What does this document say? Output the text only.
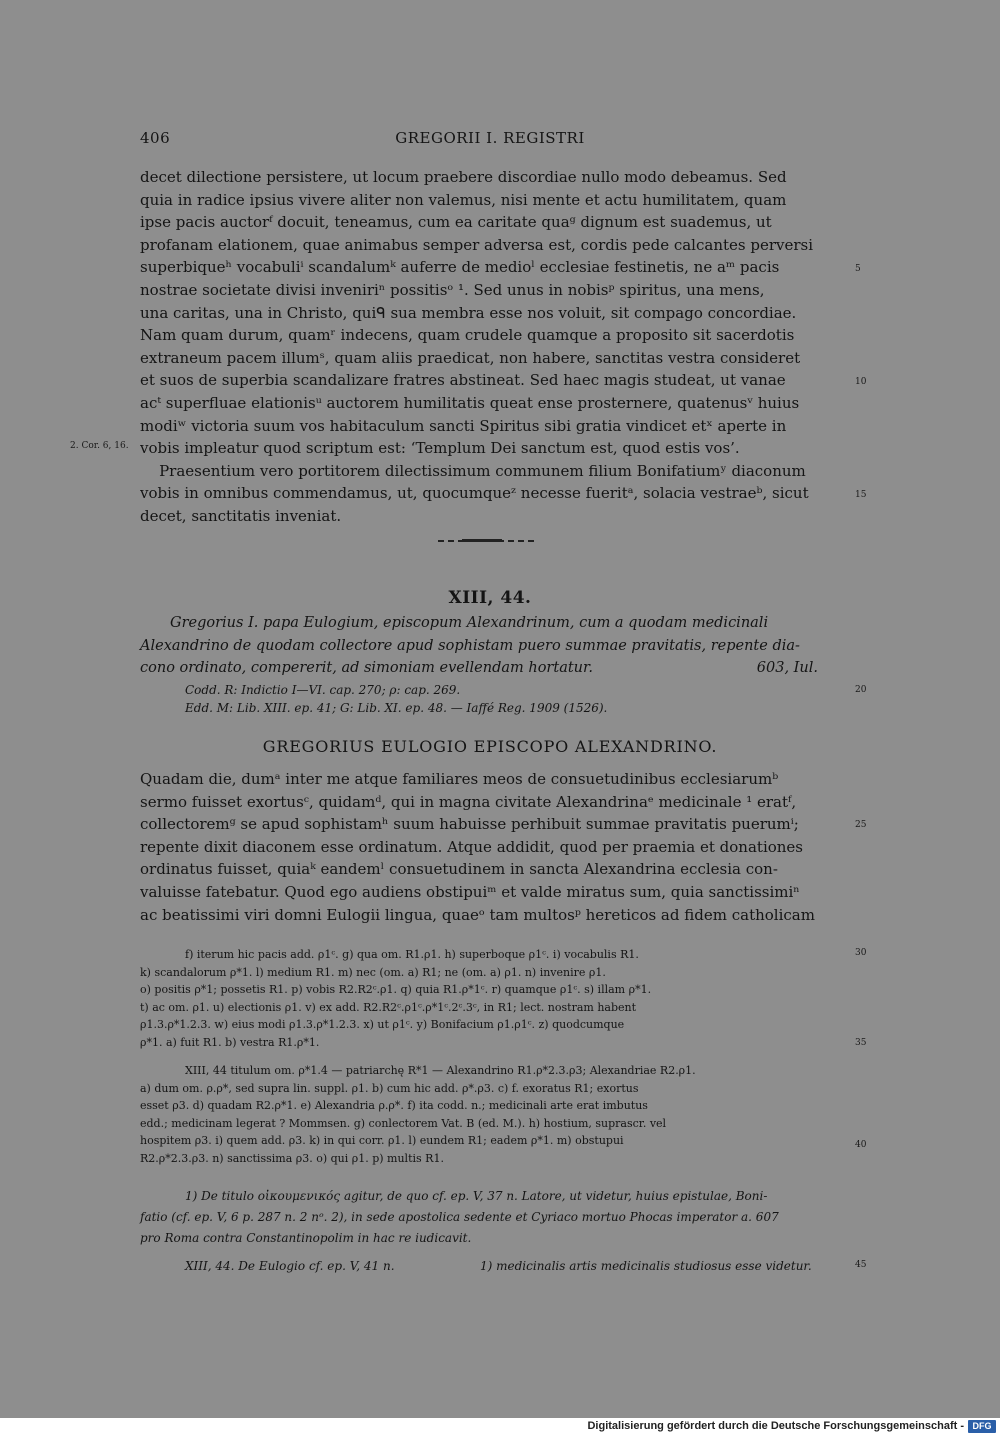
406	GREGORII I. REGISTRI
decet dilectione persistere, ut locum praebere discordiae nullo modo debeamus. Sed
quia in radice ipsius vivere aliter non valemus, nisi mente et actu humilitatem, quam
ipse pacis auctorᶠ docuit, teneamus, cum ea caritate quaᵍ dignum est suademus, ut
profanam elationem, quae animabus semper adversa est, cordis pede calcantes perversi
superbiqueʰ vocabuliⁱ scandalumᵏ auferre de medioˡ ecclesiae festinetis, ne aᵐ pacis
nostrae societate divisi inveniriⁿ possitisᵒ ¹. Sed unus in nobisᵖ spiritus, una mens,
una caritas, una in Christo, quiᑫ sua membra esse nos voluit, sit compago concordiae.
Nam quam durum, quamʳ indecens, quam crudele quamque a proposito sit sacerdotis
extraneum pacem illumˢ, quam aliis praedicat, non habere, sanctitas vestra consideret
et suos de superbia scandalizare fratres abstineat. Sed haec magis studeat, ut vanae
acᵗ superfluae elationisᵘ auctorem humilitatis queat ense prosternere, quatenusᵛ huius
modiʷ victoria suum vos habitaculum sancti Spiritus sibi gratia vindicet etˣ aperte in
vobis impleatur quod scriptum est: ‘Templum Dei sanctum est, quod estis vos’.
Praesentium vero portitorem dilectissimum communem filium Bonifatiumʸ diaconum
vobis in omnibus commendamus, ut, quocumqueᶻ necesse fueritᵃ, solacia vestraeᵇ, sicut
decet, sanctitatis inveniat.
5
10
15
2. Cor. 6, 16.
XIII, 44.
Gregorius I. papa Eulogium, episcopum Alexandrinum, cum a quodam medicinali
Alexandrino de quodam collectore apud sophistam puero summae pravitatis, repente dia-
cono ordinato, compererit, ad simoniam evellendam hortatur.	603, Iul.
Codd. R: Indictio I—VI. cap. 270; ρ: cap. 269.
Edd. M: Lib. XIII. ep. 41; G: Lib. XI. ep. 48. — Iaffé Reg. 1909 (1526).
20
GREGORIUS EULOGIO EPISCOPO ALEXANDRINO.
Quadam die, dumᵃ inter me atque familiares meos de consuetudinibus ecclesiarumᵇ
sermo fuisset exortusᶜ, quidamᵈ, qui in magna civitate Alexandrinaᵉ medicinale ¹ eratᶠ,
collectoremᵍ se apud sophistamʰ suum habuisse perhibuit summae pravitatis puerumⁱ;
repente dixit diaconem esse ordinatum. Atque addidit, quod per praemia et donationes
ordinatus fuisset, quiaᵏ eandemˡ consuetudinem in sancta Alexandrina ecclesia con-
valuisse fatebatur. Quod ego audiens obstipuiᵐ et valde miratus sum, quia sanctissimiⁿ
ac beatissimi viri domni Eulogii lingua, quaeᵒ tam multosᵖ hereticos ad fidem catholicam
25
f) iterum hic pacis add. ρ1ᶜ. g) qua om. R1.ρ1. h) superboque ρ1ᶜ. i) vocabulis R1.
k) scandalorum ρ*1. l) medium R1. m) nec (om. a) R1; ne (om. a) ρ1. n) invenire ρ1.
o) positis ρ*1; possetis R1. p) vobis R2.R2ᶜ.ρ1. q) quia R1.ρ*1ᶜ. r) quamque ρ1ᶜ. s) illam ρ*1.
t) ac om. ρ1. u) electionis ρ1. v) ex add. R2.R2ᶜ.ρ1ᶜ.ρ*1ᶜ.2ᶜ.3ᶜ, in R1; lect. nostram habent
ρ1.3.ρ*1.2.3. w) eius modi ρ1.3.ρ*1.2.3. x) ut ρ1ᶜ. y) Bonifacium ρ1.ρ1ᶜ. z) quodcumque
ρ*1. a) fuit R1. b) vestra R1.ρ*1.
30
35
XIII, 44 titulum om. ρ*1.4 — patriarchę R*1 — Alexandrino R1.ρ*2.3.ρ3; Alexandriae R2.ρ1.
a) dum om. ρ.ρ*, sed supra lin. suppl. ρ1. b) cum hic add. ρ*.ρ3. c) f. exoratus R1; exortus
esset ρ3. d) quadam R2.ρ*1. e) Alexandria ρ.ρ*. f) ita codd. n.; medicinali arte erat imbutus
edd.; medicinam legerat ? Mommsen. g) conlectorem Vat. B (ed. M.). h) hostium, suprascr. vel
hospitem ρ3. i) quem add. ρ3. k) in qui corr. ρ1. l) eundem R1; eadem ρ*1. m) obstupui
R2.ρ*2.3.ρ3. n) sanctissima ρ3. o) qui ρ1. p) multis R1.
40
1) De titulo οἰκουμενικός agitur, de quo cf. ep. V, 37 n. Latore, ut videtur, huius epistulae, Boni-
fatio (cf. ep. V, 6 p. 287 n. 2 nᵒ. 2), in sede apostolica sedente et Cyriaco mortuo Phocas imperator a. 607
pro Roma contra Constantinopolim in hac re iudicavit.
XIII, 44. De Eulogio cf. ep. V, 41 n.	1) medicinalis artis medicinalis studiosus esse videtur.	45
Digitalisierung gefördert durch die Deutsche Forschungsgemeinschaft - DFG
